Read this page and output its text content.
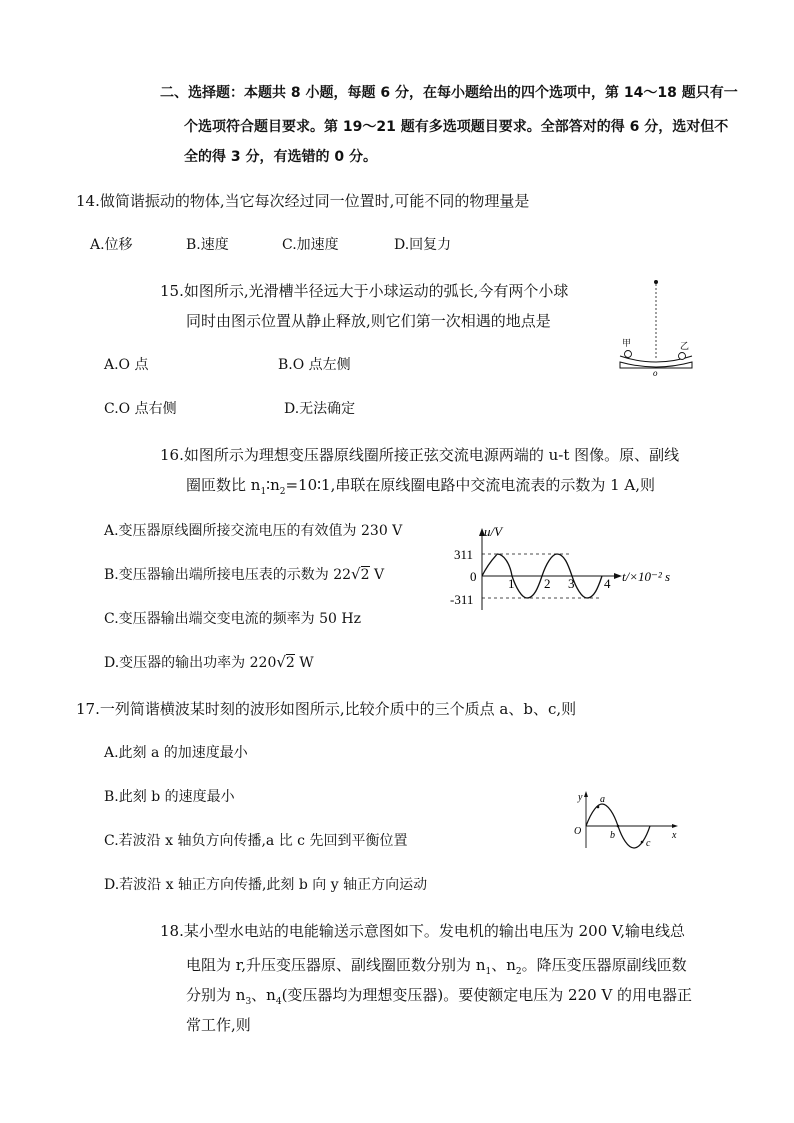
二、选择题：本题共 8 小题，每题 6 分，在每小题给出的四个选项中，第 14～18 题只有一
个选项符合题目要求。第 19～21 题有多选项题目要求。全部答对的得 6 分，选对但不
全的得 3 分，有选错的 0 分。
14.做简谐振动的物体,当它每次经过同一位置时,可能不同的物理量是
A.位移	B.速度	C.加速度	D.回复力
15.如图所示,光滑槽半径远大于小球运动的弧长,今有两个小球
同时由图示位置从静止释放,则它们第一次相遇的地点是
A.O 点	B.O 点左侧
C.O 点右侧	D.无法确定
甲	乙
o
16.如图所示为理想变压器原线圈所接正弦交流电源两端的 u-t 图像。原、副线
圈匝数比 $n_1∶n_2=10∶1$,串联在原线圈电路中交流电流表的示数为 1 A,则
A.变压器原线圈所接交流电压的有效值为 230 V
B.变压器输出端所接电压表的示数为 22√2 V
C.变压器输出端交变电流的频率为 50 Hz
D.变压器的输出功率为 220√2 W
u/V
311
0
-311
1 2 3 4 t/×10⁻² s
17.一列简谐横波某时刻的波形如图所示,比较介质中的三个质点 a、b、c,则
A.此刻 a 的加速度最小
B.此刻 b 的速度最小
C.若波沿 x 轴负方向传播,a 比 c 先回到平衡位置
D.若波沿 x 轴正方向传播,此刻 b 向 y 轴正方向运动
y
x
O
a
b
c
18.某小型水电站的电能输送示意图如下。发电机的输出电压为 200 V,输电线总
电阻为 r,升压变压器原、副线圈匝数分别为 $n_1$、$n_2$。降压变压器原副线匝数
分别为 $n_3$、$n_4$(变压器均为理想变压器)。要使额定电压为 220 V 的用电器正
常工作,则
